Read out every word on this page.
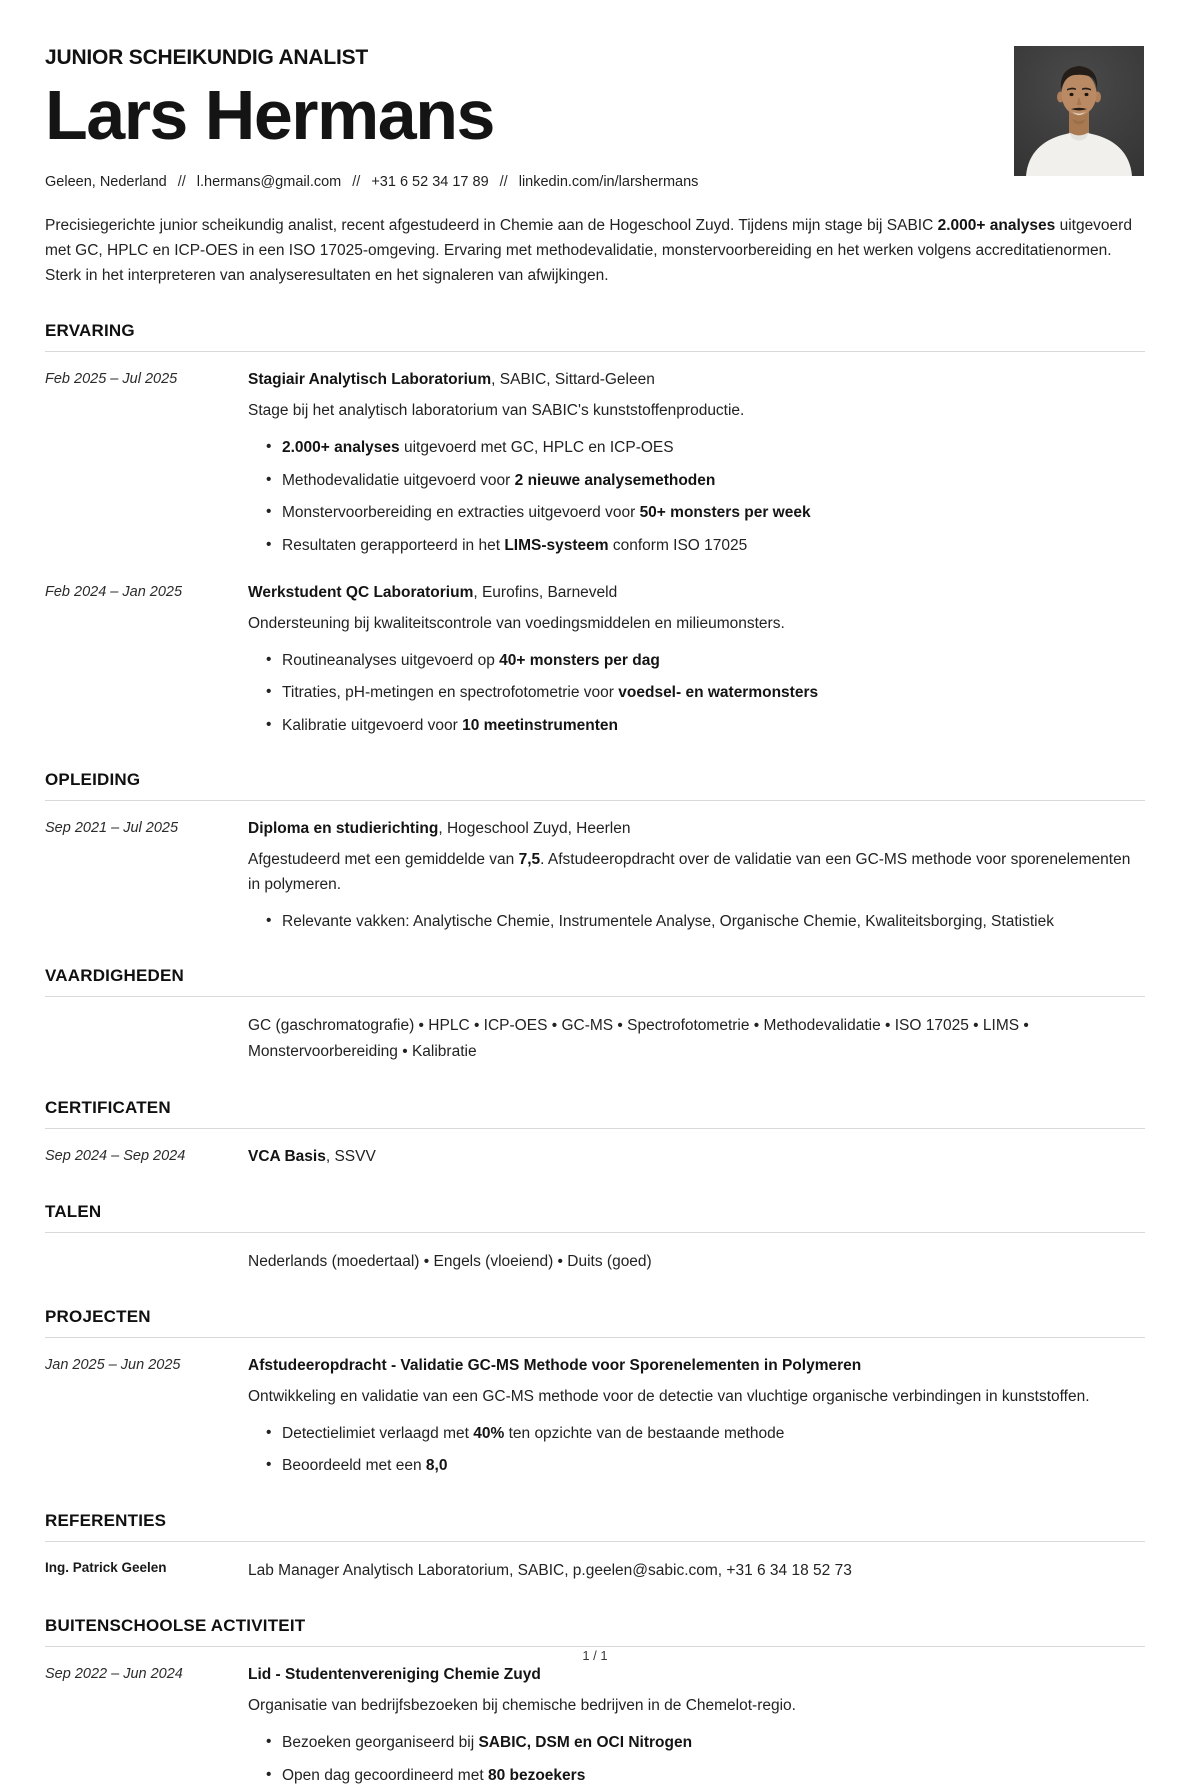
JUNIOR SCHEIKUNDIG ANALIST
Lars Hermans
Geleen, Nederland // l.hermans@gmail.com // +31 6 52 34 17 89 // linkedin.com/in/larshermans

Precisiegerichte junior scheikundig analist, recent afgestudeerd in Chemie aan de Hogeschool Zuyd. Tijdens mijn stage bij SABIC 2.000+ analyses uitgevoerd met GC, HPLC en ICP-OES in een ISO 17025-omgeving. Ervaring met methodevalidatie, monstervoorbereiding en het werken volgens accreditatienormen. Sterk in het interpreteren van analyseresultaten en het signaleren van afwijkingen.

ERVARING
Feb 2025 – Jul 2025	Stagiair Analytisch Laboratorium, SABIC, Sittard-Geleen
Stage bij het analytisch laboratorium van SABIC's kunststoffenproductie.
• 2.000+ analyses uitgevoerd met GC, HPLC en ICP-OES
• Methodevalidatie uitgevoerd voor 2 nieuwe analysemethoden
• Monstervoorbereiding en extracties uitgevoerd voor 50+ monsters per week
• Resultaten gerapporteerd in het LIMS-systeem conform ISO 17025
Feb 2024 – Jan 2025	Werkstudent QC Laboratorium, Eurofins, Barneveld
Ondersteuning bij kwaliteitscontrole van voedingsmiddelen en milieumonsters.
• Routineanalyses uitgevoerd op 40+ monsters per dag
• Titraties, pH-metingen en spectrofotometrie voor voedsel- en watermonsters
• Kalibratie uitgevoerd voor 10 meetinstrumenten
OPLEIDING
Sep 2021 – Jul 2025	Diploma en studierichting, Hogeschool Zuyd, Heerlen
Afgestudeerd met een gemiddelde van 7,5. Afstudeeropdracht over de validatie van een GC-MS methode voor sporenelementen in polymeren.
• Relevante vakken: Analytische Chemie, Instrumentele Analyse, Organische Chemie, Kwaliteitsborging, Statistiek
VAARDIGHEDEN
GC (gaschromatografie) • HPLC • ICP-OES • GC-MS • Spectrofotometrie • Methodevalidatie • ISO 17025 • LIMS • Monstervoorbereiding • Kalibratie
CERTIFICATEN
Sep 2024 – Sep 2024	VCA Basis, SSVV
TALEN
Nederlands (moedertaal) • Engels (vloeiend) • Duits (goed)
PROJECTEN
Jan 2025 – Jun 2025	Afstudeeropdracht - Validatie GC-MS Methode voor Sporenelementen in Polymeren
Ontwikkeling en validatie van een GC-MS methode voor de detectie van vluchtige organische verbindingen in kunststoffen.
• Detectielimiet verlaagd met 40% ten opzichte van de bestaande methode
• Beoordeeld met een 8,0
REFERENTIES
Ing. Patrick Geelen	Lab Manager Analytisch Laboratorium, SABIC, p.geelen@sabic.com, +31 6 34 18 52 73
BUITENSCHOOLSE ACTIVITEIT
Sep 2022 – Jun 2024	Lid - Studentenvereniging Chemie Zuyd
Organisatie van bedrijfsbezoeken bij chemische bedrijven in de Chemelot-regio.
• Bezoeken georganiseerd bij SABIC, DSM en OCI Nitrogen
• Open dag gecoordineerd met 80 bezoekers
1 / 1
